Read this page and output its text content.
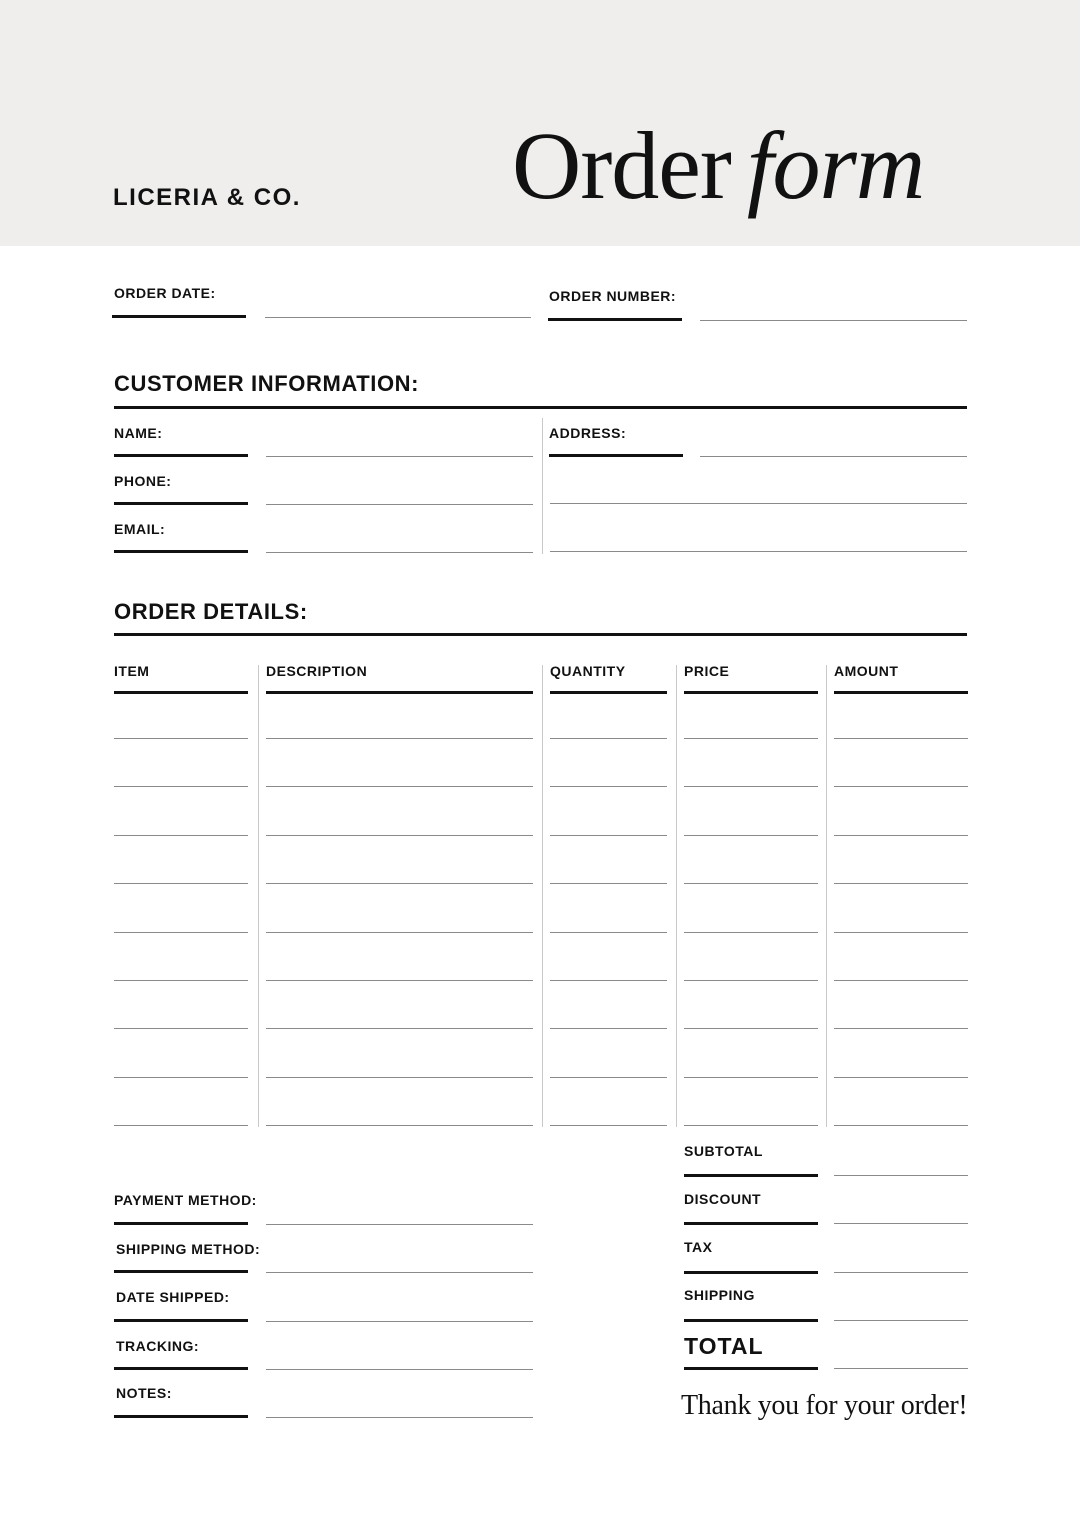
LICERIA & CO. Order form
ORDER DATE:	ORDER NUMBER:
CUSTOMER INFORMATION:
NAME:
PHONE:
EMAIL:
ADDRESS:
ORDER DETAILS:
ITEM	DESCRIPTION	QUANTITY	PRICE	AMOUNT
PAYMENT METHOD:
SHIPPING METHOD:
DATE SHIPPED:
TRACKING:
NOTES:
SUBTOTAL
DISCOUNT
TAX
SHIPPING
TOTAL
Thank you for your order!
